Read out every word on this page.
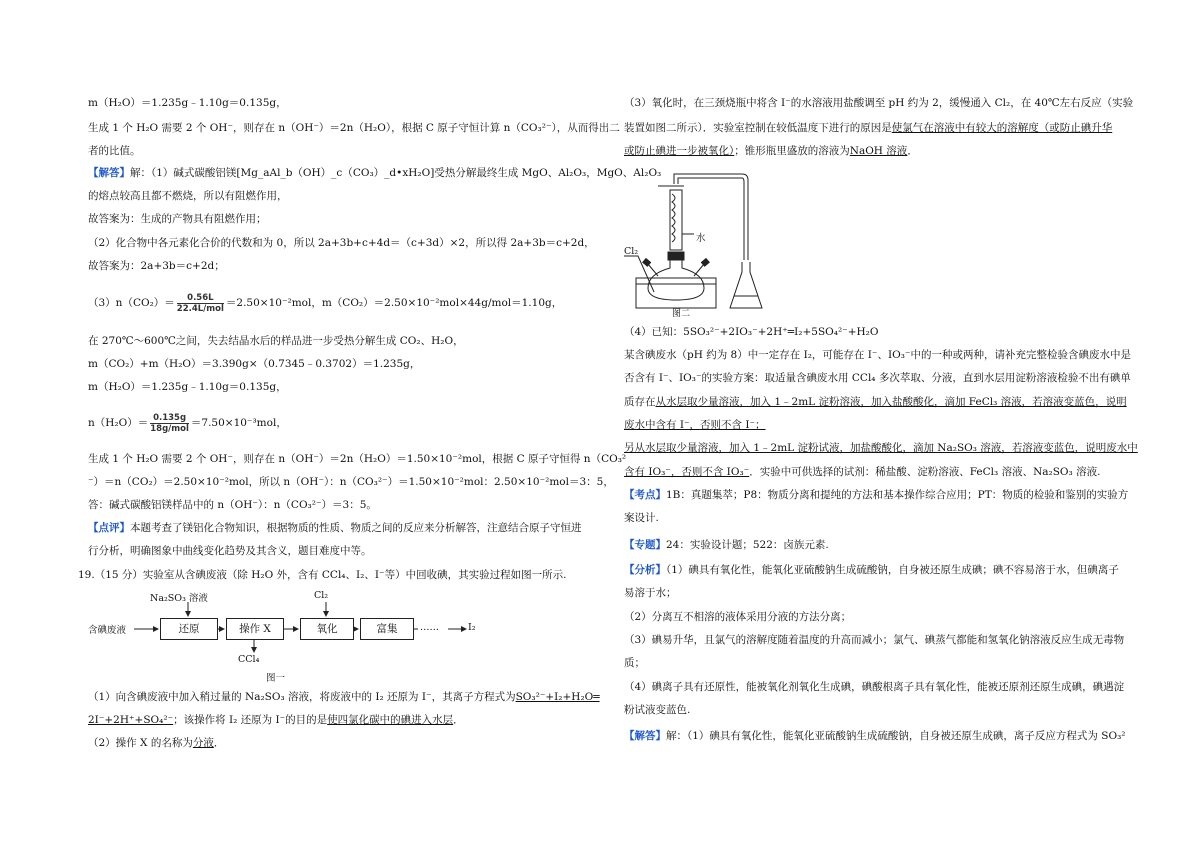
m（H₂O）＝1.235g﹣1.10g＝0.135g，
生成 1 个 H₂O 需要 2 个 OH⁻，则存在 n（OH⁻）＝2n（H₂O），根据 C 原子守恒计算 n（CO₃²⁻），从而得出二
者的比值。
【解答】解：（1）碱式碳酸铝镁[Mg_aAl_b（OH）_c（CO₃）_d•xH₂O]受热分解最终生成 MgO、Al₂O₃，MgO、Al₂O₃
的熔点较高且都不燃烧，所以有阻燃作用，
故答案为：生成的产物具有阻燃作用；
（2）化合物中各元素化合价的代数和为 0，所以 2a+3b+c+4d＝（c+3d）×2，所以得 2a+3b＝c+2d，
故答案为：2a+3b＝c+2d；
$(3)n(CO_2)= \frac{0.56L}{\text{22.4L/mol}} =2.50\times 10^{-2}mol$，m（CO₂）＝2.50×10⁻²mol×44g/mol＝1.10g，
在 270℃～600℃之间，失去结晶水后的样品进一步受热分解生成 CO₂、H₂O，
m（CO₂）+m（H₂O）＝3.390g×（0.7345﹣0.3702）＝1.235g，
m（H₂O）＝1.235g﹣1.10g＝0.135g，
$n(H_2O)= \frac{0.135g}{\text{18g/mol}} =7.50\times 10^{-3}mol$，
生成 1 个 H₂O 需要 2 个 OH⁻，则存在 n（OH⁻）＝2n（H₂O）＝1.50×10⁻²mol，根据 C 原子守恒得 n（CO₃²
⁻）＝n（CO₂）＝2.50×10⁻²mol，所以 n（OH⁻）：n（CO₃²⁻）＝1.50×10⁻²mol：2.50×10⁻²mol＝3：5，
答：碱式碳酸铝镁样品中的 n（OH⁻）：n（CO₃²⁻）＝3：5。
【点评】本题考查了镁铝化合物知识，根据物质的性质、物质之间的反应来分析解答，注意结合原子守恒进
行分析，明确图象中曲线变化趋势及其含义，题目难度中等。
19.（15 分）实验室从含碘废液（除 H₂O 外，含有 CCl₄、I₂、I⁻等）中回收碘，其实验过程如图一所示.
Na₂SO₃ 溶液	Cl₂
含碘废液	还原	操作 X	氧化	富集	……	I₂
CCl₄
图一
（1）向含碘废液中加入稍过量的 Na₂SO₃ 溶液，将废液中的 I₂ 还原为 I⁻，其离子方程式为SO₃²⁻+I₂+H₂O═
2I⁻+2H⁺+SO₄²⁻；该操作将 I₂ 还原为 I⁻的目的是使四氯化碳中的碘进入水层．
（2）操作 X 的名称为分液．
（3）氧化时，在三颈烧瓶中将含 I⁻的水溶液用盐酸调至 pH 约为 2，缓慢通入 Cl₂，在 40℃左右反应（实验
装置如图二所示）．实验室控制在较低温度下进行的原因是使氯气在溶液中有较大的溶解度（或防止碘升华
或防止碘进一步被氧化）；锥形瓶里盛放的溶液为NaOH 溶液．
（4）已知：5SO₃²⁻+2IO₃⁻+2H⁺═I₂+5SO₄²⁻+H₂O
某含碘废水（pH 约为 8）中一定存在 I₂，可能存在 I⁻、IO₃⁻中的一种或两种，请补充完整检验含碘废水中是
否含有 I⁻、IO₃⁻的实验方案：取适量含碘废水用 CCl₄ 多次萃取、分液，直到水层用淀粉溶液检验不出有碘单
质存在从水层取少量溶液，加入 1﹣2mL 淀粉溶液，加入盐酸酸化，滴加 FeCl₃ 溶液，若溶液变蓝色，说明
废水中含有 I⁻，否则不含 I⁻；
另从水层取少量溶液，加入 1﹣2mL 淀粉试液，加盐酸酸化，滴加 Na₂SO₃ 溶液，若溶液变蓝色，说明废水中
含有 IO₃⁻，否则不含 IO₃⁻．实验中可供选择的试剂：稀盐酸、淀粉溶液、FeCl₃ 溶液、Na₂SO₃ 溶液.
【考点】1B：真题集萃；P8：物质分离和提纯的方法和基本操作综合应用；PT：物质的检验和鉴别的实验方
案设计.
【专题】24：实验设计题；522：卤族元素.
【分析】（1）碘具有氧化性，能氧化亚硫酸钠生成硫酸钠，自身被还原生成碘；碘不容易溶于水，但碘离子
易溶于水；
（2）分离互不相溶的液体采用分液的方法分离；
（3）碘易升华，且氯气的溶解度随着温度的升高而减小；氯气、碘蒸气都能和氢氧化钠溶液反应生成无毒物
质；
（4）碘离子具有还原性，能被氧化剂氧化生成碘，碘酸根离子具有氧化性，能被还原剂还原生成碘，碘遇淀
粉试液变蓝色.
【解答】解：（1）碘具有氧化性，能氧化亚硫酸钠生成硫酸钠，自身被还原生成碘，离子反应方程式为 SO₃²
水
Cl₂
图二
